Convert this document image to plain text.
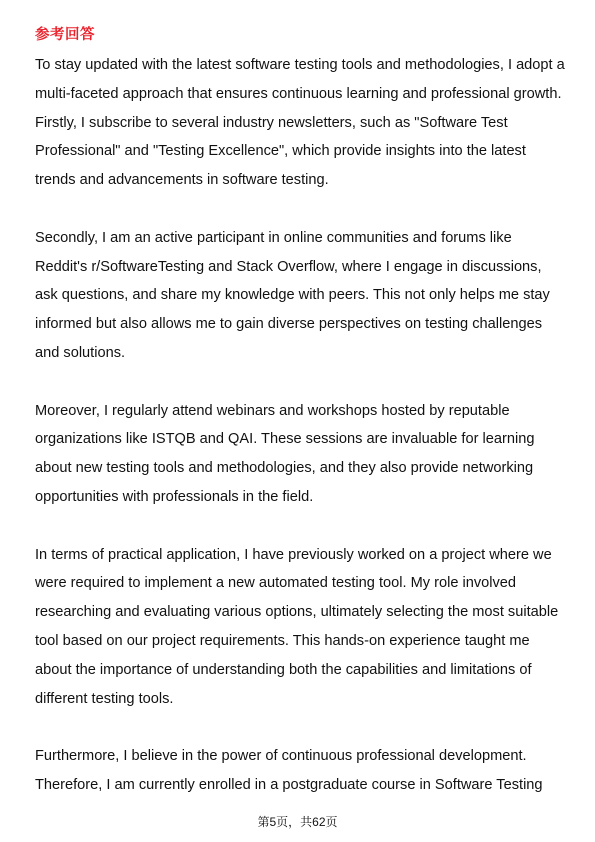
参考回答
To stay updated with the latest software testing tools and methodologies, I adopt a
multi-faceted approach that ensures continuous learning and professional growth.
Firstly, I subscribe to several industry newsletters, such as "Software Test
Professional" and "Testing Excellence", which provide insights into the latest
trends and advancements in software testing.
Secondly, I am an active participant in online communities and forums like
Reddit's r/SoftwareTesting and Stack Overflow, where I engage in discussions,
ask questions, and share my knowledge with peers. This not only helps me stay
informed but also allows me to gain diverse perspectives on testing challenges
and solutions.
Moreover, I regularly attend webinars and workshops hosted by reputable
organizations like ISTQB and QAI. These sessions are invaluable for learning
about new testing tools and methodologies, and they also provide networking
opportunities with professionals in the field.
In terms of practical application, I have previously worked on a project where we
were required to implement a new automated testing tool. My role involved
researching and evaluating various options, ultimately selecting the most suitable
tool based on our project requirements. This hands-on experience taught me
about the importance of understanding both the capabilities and limitations of
different testing tools.
Furthermore, I believe in the power of continuous professional development.
Therefore, I am currently enrolled in a postgraduate course in Software Testing
第5页，共62页
